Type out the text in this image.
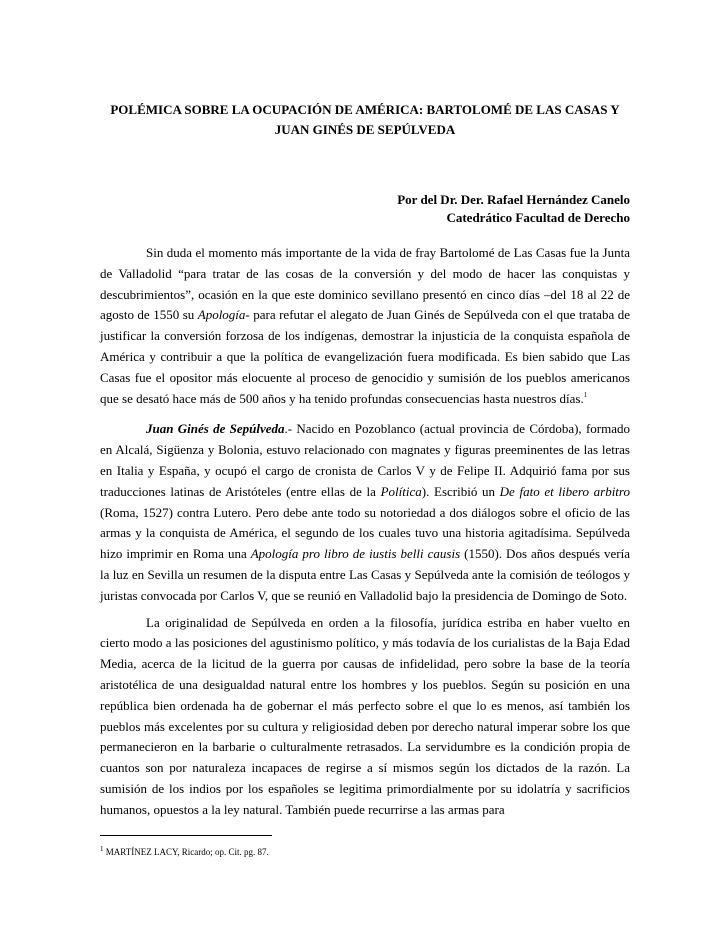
POLÉMICA SOBRE LA OCUPACIÓN DE AMÉRICA: BARTOLOMÉ DE LAS CASAS Y
JUAN GINÉS DE SEPÚLVEDA
Por del Dr. Der. Rafael Hernández Canelo
Catedrático Facultad de Derecho

Sin duda el momento más importante de la vida de fray Bartolomé de Las Casas fue la Junta de Valladolid “para tratar de las cosas de la conversión y del modo de hacer las conquistas y descubrimientos”, ocasión en la que este dominico sevillano presentó en cinco días –del 18 al 22 de agosto de 1550 su Apología- para refutar el alegato de Juan Ginés de Sepúlveda con el que trataba de justificar la conversión forzosa de los indígenas, demostrar la injusticia de la conquista española de América y contribuir a que la política de evangelización fuera modificada. Es bien sabido que Las Casas fue el opositor más elocuente al proceso de genocidio y sumisión de los pueblos americanos que se desató hace más de 500 años y ha tenido profundas consecuencias hasta nuestros días.$^1$

Juan Ginés de Sepúlveda.- Nacido en Pozoblanco (actual provincia de Córdoba), formado en Alcalá, Sigüenza y Bolonia, estuvo relacionado con magnates y figuras preeminentes de las letras en Italia y España, y ocupó el cargo de cronista de Carlos V y de Felipe II. Adquirió fama por sus traducciones latinas de Aristóteles (entre ellas de la Política). Escribió un De fato et libero arbitro (Roma, 1527) contra Lutero. Pero debe ante todo su notoriedad a dos diálogos sobre el oficio de las armas y la conquista de América, el segundo de los cuales tuvo una historia agitadísima. Sepúlveda hizo imprimir en Roma una Apología pro libro de iustis belli causis (1550). Dos años después vería la luz en Sevilla un resumen de la disputa entre Las Casas y Sepúlveda ante la comisión de teólogos y juristas convocada por Carlos V, que se reunió en Valladolid bajo la presidencia de Domingo de Soto.

La originalidad de Sepúlveda en orden a la filosofía, jurídica estriba en haber vuelto en cierto modo a las posiciones del agustinismo político, y más todavía de los curialistas de la Baja Edad Media, acerca de la licitud de la guerra por causas de infidelidad, pero sobre la base de la teoría aristotélica de una desigualdad natural entre los hombres y los pueblos. Según su posición en una república bien ordenada ha de gobernar el más perfecto sobre el que lo es menos, así también los pueblos más excelentes por su cultura y religiosidad deben por derecho natural imperar sobre los que permanecieron en la barbarie o culturalmente retrasados. La servidumbre es la condición propia de cuantos son por naturaleza incapaces de regirse a sí mismos según los dictados de la razón. La sumisión de los indios por los españoles se legitima primordialmente por su idolatría y sacrificios humanos, opuestos a la ley natural. También puede recurrirse a las armas para

$^1$ MARTÍNEZ LACY, Ricardo; op. Cit. pg. 87.
